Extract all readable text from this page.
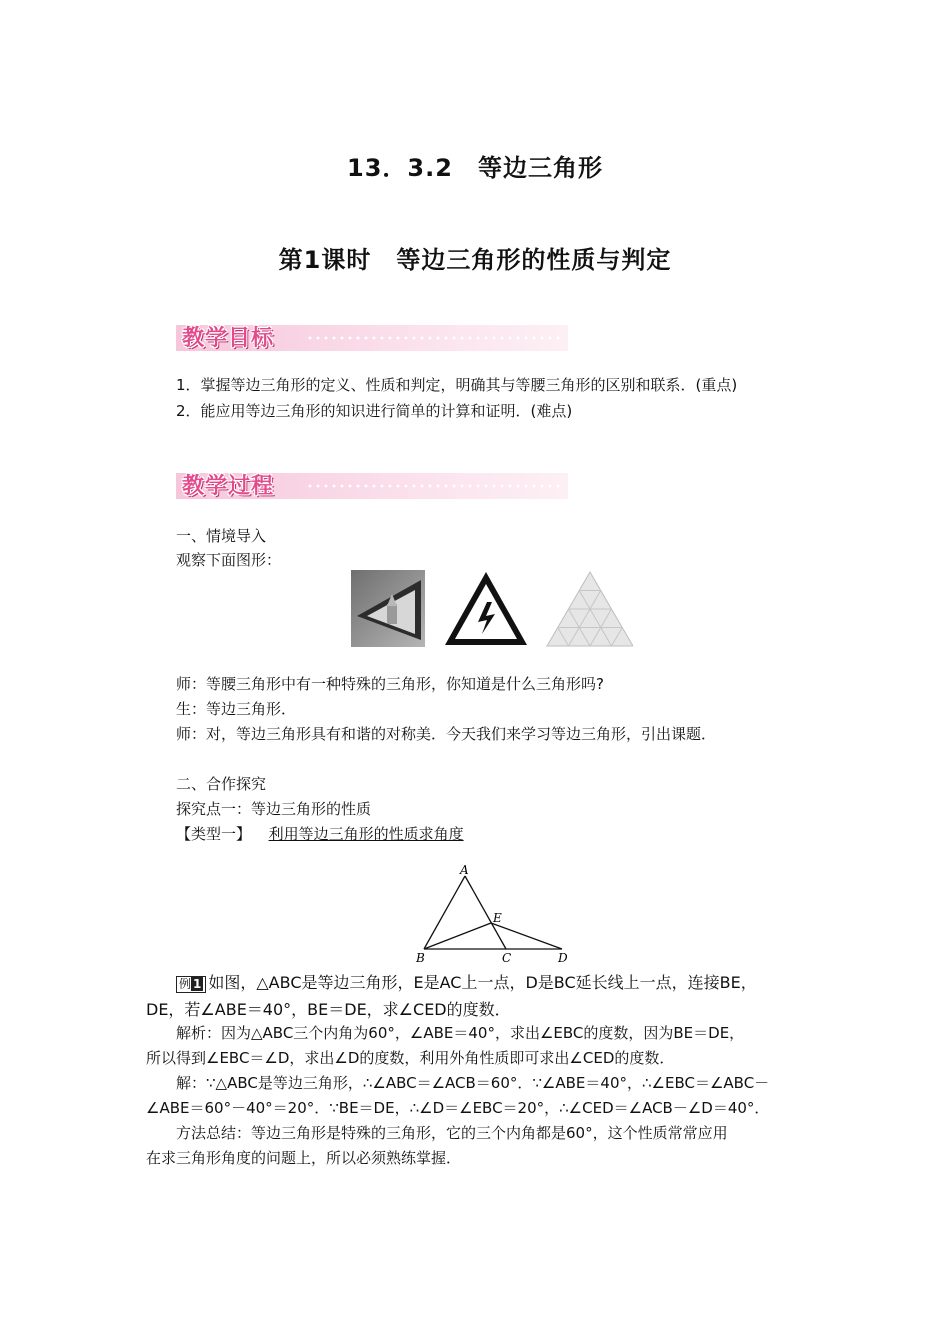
13．3.2　等边三角形
第1课时　等边三角形的性质与判定
教学目标
1．掌握等边三角形的定义、性质和判定，明确其与等腰三角形的区别和联系．(重点)
2．能应用等边三角形的知识进行简单的计算和证明．(难点)
教学过程
一、情境导入
观察下面图形：
师：等腰三角形中有一种特殊的三角形，你知道是什么三角形吗?
生：等边三角形．
师：对，等边三角形具有和谐的对称美．今天我们来学习等边三角形，引出课题．
二、合作探究
探究点一：等边三角形的性质
【类型一】 利用等边三角形的性质求角度
A
B	C	D
E
例 1 如图，△ABC是等边三角形，E是AC上一点，D是BC延长线上一点，连接BE，
DE，若∠ABE＝40°，BE＝DE，求∠CED的度数．
解析：因为△ABC三个内角为60°，∠ABE＝40°，求出∠EBC的度数，因为BE＝DE，
所以得到∠EBC＝∠D，求出∠D的度数，利用外角性质即可求出∠CED的度数．
解：∵△ABC是等边三角形，∴∠ABC＝∠ACB＝60°．∵∠ABE＝40°，∴∠EBC＝∠ABC－
∠ABE＝60°－40°＝20°．∵BE＝DE，∴∠D＝∠EBC＝20°，∴∠CED＝∠ACB－∠D＝40°．
方法总结：等边三角形是特殊的三角形，它的三个内角都是60°，这个性质常常应用
在求三角形角度的问题上，所以必须熟练掌握．
